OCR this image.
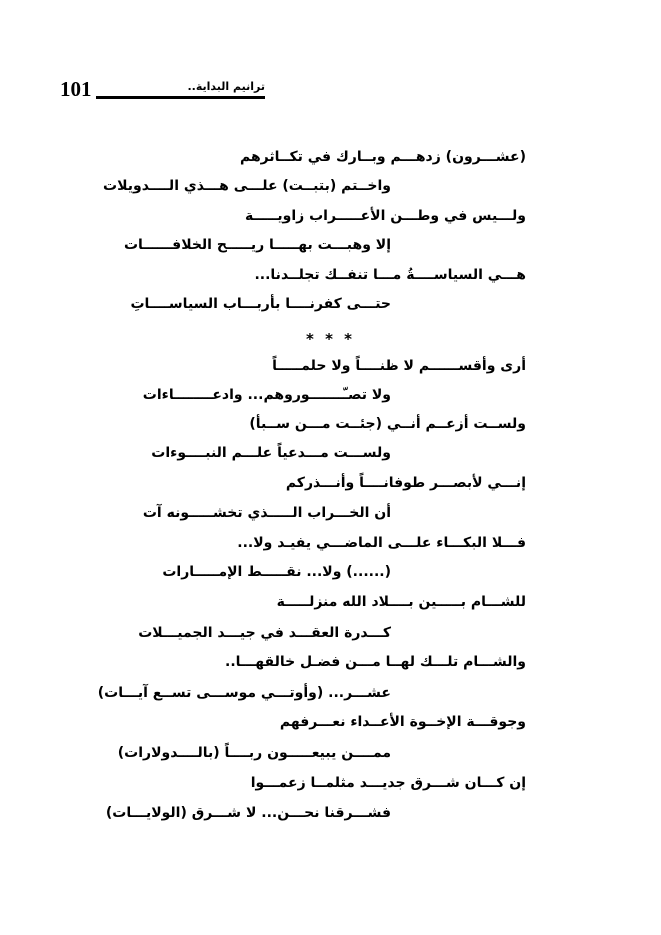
101	ترانيم البداية..
(عشـــرون) زدهـــم وبــارك في تكــاثرهم
واخــتم (بتبــت) علـــى هـــذي الــــدويلات
ولـــيس في وطـــن الأعـــــراب زاويـــــة
إلا وهبـــت بهـــــا ريـــــح الخلافــــــات
هـــي السياســــةُ مـــا تنفــك تجلــدنا...
حتـــى كفرنــــا بأربـــاب السياســــاتِ
* * *
أرى وأقســــــم لا ظنــــاً ولا حلمـــــاً
ولا تصـّـــــــوروهم... وادعــــــــاءات
ولســت أزعــم أنــي (جئــت مـــن ســبأ)
ولســـت مـــدعياً علـــم النبــــوءات
إنـــي لأبصـــر طوفانــــاً وأنـــذركم
أن الخـــراب الـــــذي تخشـــــونه آت
فـــلا البكـــاء علـــى الماضـــي يفيـد ولا...
(......) ولا... نقـــــط الإمـــــارات
للشـــام بـــــين بــــلاد الله منزلـــــة
كـــدرة العقـــد في جيـــد الجميـــلات
والشـــام تلـــك لهــا مـــن فضـل خالقهـــا..
عشـــر... (وأوتـــي موســـى تســع آيـــات)
وجوقـــة الإخــوة الأعــداء نعـــرفهم
ممــــن يبيعـــــون ربــــاً (بالــــدولارات)
إن كـــان شـــرق جديـــد مثلمــا زعمـــوا
فشـــرقنا نحـــن... لا شـــرق (الولايـــات)
